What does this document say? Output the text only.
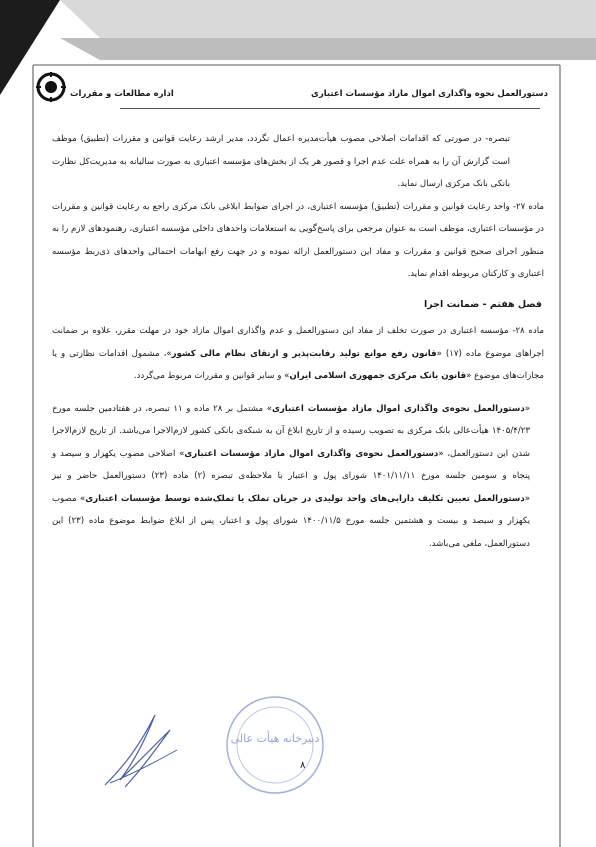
دستورالعمل نحوه واگذاری اموال مازاد مؤسسات اعتباری
اداره مطالعات و مقررات

تبصره- در صورتی که اقدامات اصلاحی مصوب هیأت‌مدیره اعمال نگردد، مدیر ارشد رعایت قوانین و مقررات (تطبیق) موظف است گزارش آن را به همراه علت عدم اجرا و قصور هر یک از بخش‌های مؤسسه اعتباری به صورت سالیانه به مدیریت‌کل نظارت بانکی بانک مرکزی ارسال نماید.

ماده ۲۷- واحد رعایت قوانین و مقررات (تطبیق) مؤسسه اعتباری، در اجرای ضوابط ابلاغی بانک مرکزی راجع به رعایت قوانین و مقررات در مؤسسات اعتباری، موظف است به عنوان مرجعی برای پاسخ‌گویی به استعلامات واحدهای داخلی مؤسسه اعتباری، رهنمودهای لازم را به منظور اجرای صحیح قوانین و مقررات و مفاد این دستورالعمل ارائه نموده و در جهت رفع ابهامات احتمالی واحدهای ذی‌ربط مؤسسه اعتباری و کارکنان مربوطه اقدام نماید.

فصل هفتم - ضمانت اجرا

ماده ۲۸- مؤسسه اعتباری در صورت تخلف از مفاد این دستورالعمل و عدم واگذاری اموال مازاد خود در مهلت مقرر، علاوه بر ضمانت اجراهای موضوع ماده (۱۷) «قانون رفع موانع تولید رقابت‌پذیر و ارتقای نظام مالی کشور»، مشمول اقدامات نظارتی و یا مجازات‌های موضوع «قانون بانک مرکزی جمهوری اسلامی ایران» و سایر قوانین و مقررات مربوط می‌گردد.

«دستورالعمل نحوه‌ی واگذاری اموال مازاد مؤسسات اعتباری» مشتمل بر ۲۸ ماده و ۱۱ تبصره، در هفتادمین جلسه مورخ ۱۴۰۵/۴/۲۳ هیأت‌عالی بانک مرکزی به تصویب رسیده و از تاریخ ابلاغ آن به شبکه‌ی بانکی کشور لازم‌الاجرا می‌باشد. از تاریخ لازم‌الاجرا شدن این دستورالعمل، «دستورالعمل نحوه‌ی واگذاری اموال مازاد مؤسسات اعتباری» اصلاحی مصوب یکهزار و سیصد و پنجاه و سومین جلسه مورخ ۱۴۰۱/۱۱/۱۱ شورای پول و اعتبار با ملاحظه‌ی تبصره (۲) ماده (۲۳) دستورالعمل حاضر و نیز «دستورالعمل تعیین تکلیف دارایی‌های واحد تولیدی در جریان تملک یا تملک‌شده توسط مؤسسات اعتباری» مصوب یکهزار و سیصد و بیست و هشتمین جلسه مورخ ۱۴۰۰/۱۱/۵ شورای پول و اعتبار، پس از ابلاغ ضوابط موضوع ماده (۲۳) این دستورالعمل، ملغی می‌باشد.

دبیرخانه هیأت عالی
۸
